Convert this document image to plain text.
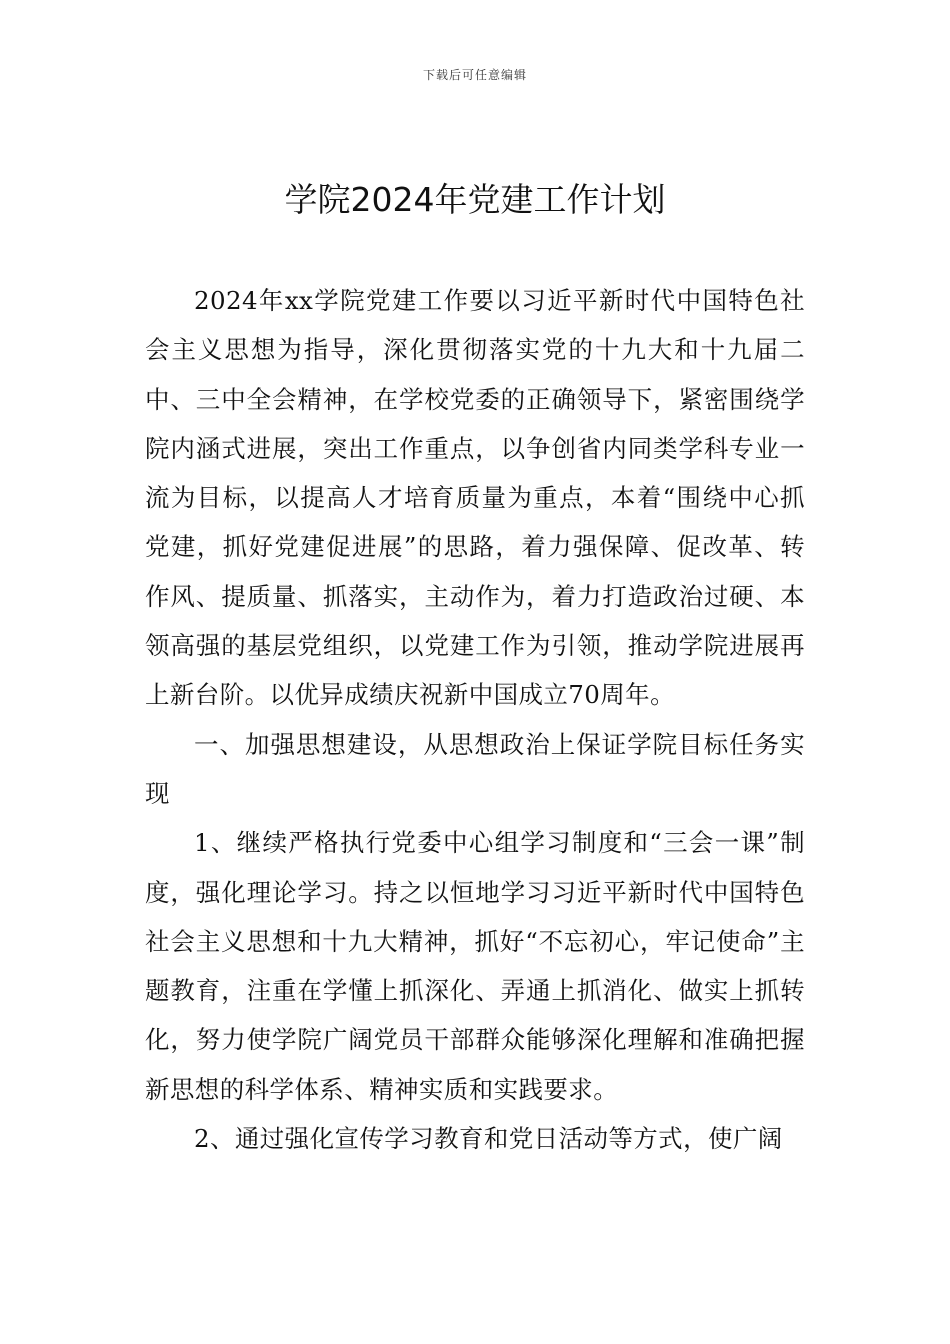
下载后可任意编辑
学院2024年党建工作计划

2024年xx学院党建工作要以习近平新时代中国特色社会主义思想为指导，深化贯彻落实党的十九大和十九届二中、三中全会精神，在学校党委的正确领导下，紧密围绕学院内涵式进展，突出工作重点，以争创省内同类学科专业一流为目标，以提高人才培育质量为重点，本着“围绕中心抓党建，抓好党建促进展”的思路，着力强保障、促改革、转作风、提质量、抓落实，主动作为，着力打造政治过硬、本领高强的基层党组织，以党建工作为引领，推动学院进展再上新台阶。以优异成绩庆祝新中国成立70周年。

一、加强思想建设，从思想政治上保证学院目标任务实现

1、继续严格执行党委中心组学习制度和“三会一课”制度，强化理论学习。持之以恒地学习习近平新时代中国特色社会主义思想和十九大精神，抓好“不忘初心，牢记使命”主题教育，注重在学懂上抓深化、弄通上抓消化、做实上抓转化，努力使学院广阔党员干部群众能够深化理解和准确把握新思想的科学体系、精神实质和实践要求。

2、通过强化宣传学习教育和党日活动等方式，使广阔
